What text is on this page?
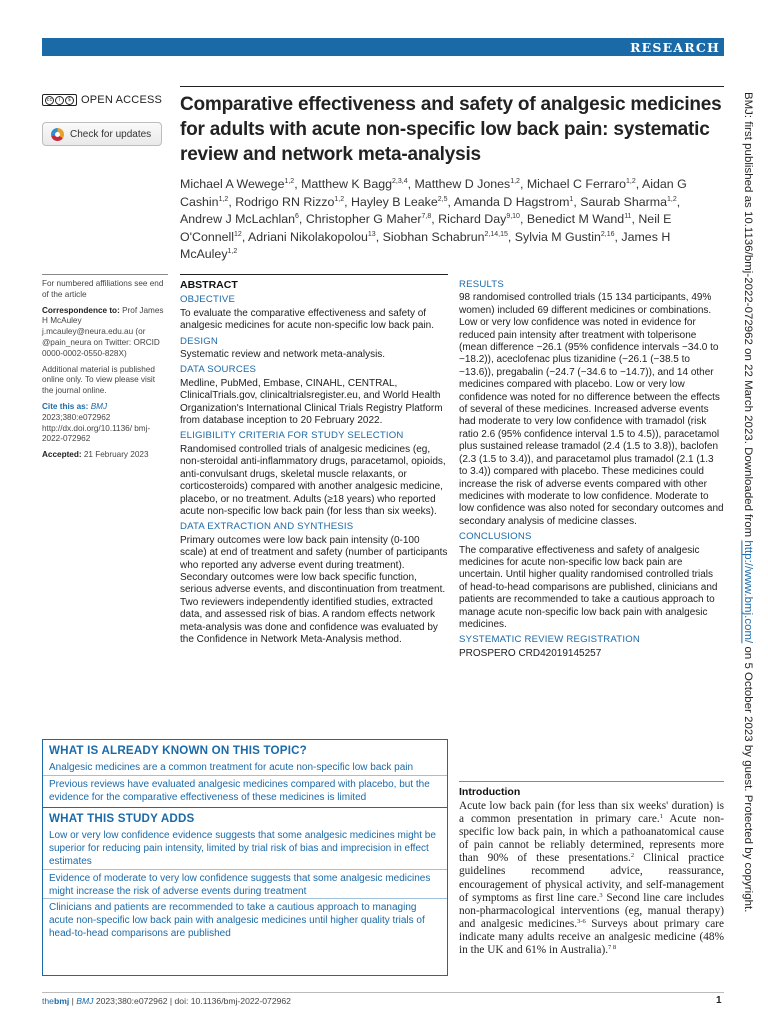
RESEARCH
cc	i	$ OPEN ACCESS
Check for updates
Comparative effectiveness and safety of analgesic medicines for adults with acute non-specific low back pain: systematic review and network meta-analysis
Michael A Wewege$^{1,2}$, Matthew K Bagg$^{2,3,4}$, Matthew D Jones$^{1,2}$, Michael C Ferraro$^{1,2}$, Aidan G Cashin$^{1,2}$, Rodrigo RN Rizzo$^{1,2}$, Hayley B Leake$^{2,5}$, Amanda D Hagstrom$^1$, Saurab Sharma$^{1,2}$, Andrew J McLachlan$^6$, Christopher G Maher$^{7,8}$, Richard Day$^{9,10}$, Benedict M Wand$^{11}$, Neil E O'Connell$^{12}$, Adriani Nikolakopolou$^{13}$, Siobhan Schabrun$^{2,14,15}$, Sylvia M Gustin$^{2,16}$, James H McAuley$^{1,2}$

For numbered affiliations see end of the article

Correspondence to: Prof James H McAuley j.mcauley@neura.edu.au (or @pain_neura on Twitter: ORCID 0000-0002-0550-828X)

Additional material is published online only. To view please visit the journal online.

Cite this as: BMJ 2023;380:e072962
http://dx.doi.org/10.1136/ bmj-2022-072962

Accepted: 21 February 2023

ABSTRACT
OBJECTIVE
To evaluate the comparative effectiveness and safety of analgesic medicines for acute non-specific low back pain.
DESIGN
Systematic review and network meta-analysis.
DATA SOURCES
Medline, PubMed, Embase, CINAHL, CENTRAL, ClinicalTrials.gov, clinicaltrialsregister.eu, and World Health Organization's International Clinical Trials Registry Platform from database inception to 20 February 2022.
ELIGIBILITY CRITERIA FOR STUDY SELECTION
Randomised controlled trials of analgesic medicines (eg, non-steroidal anti-inflammatory drugs, paracetamol, opioids, anti-convulsant drugs, skeletal muscle relaxants, or corticosteroids) compared with another analgesic medicine, placebo, or no treatment. Adults (≥18 years) who reported acute non-specific low back pain (for less than six weeks).
DATA EXTRACTION AND SYNTHESIS
Primary outcomes were low back pain intensity (0-100 scale) at end of treatment and safety (number of participants who reported any adverse event during treatment). Secondary outcomes were low back specific function, serious adverse events, and discontinuation from treatment. Two reviewers independently identified studies, extracted data, and assessed risk of bias. A random effects network meta-analysis was done and confidence was evaluated by the Confidence in Network Meta-Analysis method.
RESULTS
98 randomised controlled trials (15 134 participants, 49% women) included 69 different medicines or combinations. Low or very low confidence was noted in evidence for reduced pain intensity after treatment with tolperisone (mean difference −26.1 (95% confidence intervals −34.0 to −18.2)), aceclofenac plus tizanidine (−26.1 (−38.5 to −13.6)), pregabalin (−24.7 (−34.6 to −14.7)), and 14 other medicines compared with placebo. Low or very low confidence was noted for no difference between the effects of several of these medicines. Increased adverse events had moderate to very low confidence with tramadol (risk ratio 2.6 (95% confidence interval 1.5 to 4.5)), paracetamol plus sustained release tramadol (2.4 (1.5 to 3.8)), baclofen (2.3 (1.5 to 3.4)), and paracetamol plus tramadol (2.1 (1.3 to 3.4)) compared with placebo. These medicines could increase the risk of adverse events compared with other medicines with moderate to low confidence. Moderate to low confidence was also noted for secondary outcomes and secondary analysis of medicine classes.
CONCLUSIONS
The comparative effectiveness and safety of analgesic medicines for acute non-specific low back pain are uncertain. Until higher quality randomised controlled trials of head-to-head comparisons are published, clinicians and patients are recommended to take a cautious approach to manage acute non-specific low back pain with analgesic medicines.
SYSTEMATIC REVIEW REGISTRATION
PROSPERO CRD42019145257
WHAT IS ALREADY KNOWN ON THIS TOPIC?
Analgesic medicines are a common treatment for acute non-specific low back pain
Previous reviews have evaluated analgesic medicines compared with placebo, but the evidence for the comparative effectiveness of these medicines is limited
WHAT THIS STUDY ADDS
Low or very low confidence evidence suggests that some analgesic medicines might be superior for reducing pain intensity, limited by trial risk of bias and imprecision in effect estimates
Evidence of moderate to very low confidence suggests that some analgesic medicines might increase the risk of adverse events during treatment
Clinicians and patients are recommended to take a cautious approach to managing acute non-specific low back pain with analgesic medicines until higher quality trials of head-to-head comparisons are published
Introduction

Acute low back pain (for less than six weeks' duration) is a common presentation in primary care.$^1$ Acute non-specific low back pain, in which a pathoanatomical cause of pain cannot be reliably determined, represents more than 90% of these presentations.$^2$ Clinical practice guidelines recommend advice, reassurance, encouragement of physical activity, and self-management of symptoms as first line care.$^3$ Second line care includes non-pharmacological interventions (eg, manual therapy) and analgesic medicines.$^{3-6}$ Surveys about primary care indicate many adults receive an analgesic medicine (48% in the UK and 61% in Australia).$^{7 8}$

BMJ: first published as 10.1136/bmj-2022-072962 on 22 March 2023. Downloaded from http://www.bmj.com/ on 5 October 2023 by guest. Protected by copyright.
thebmj | BMJ 2023;380:e072962 | doi: 10.1136/bmj-2022-072962	1
